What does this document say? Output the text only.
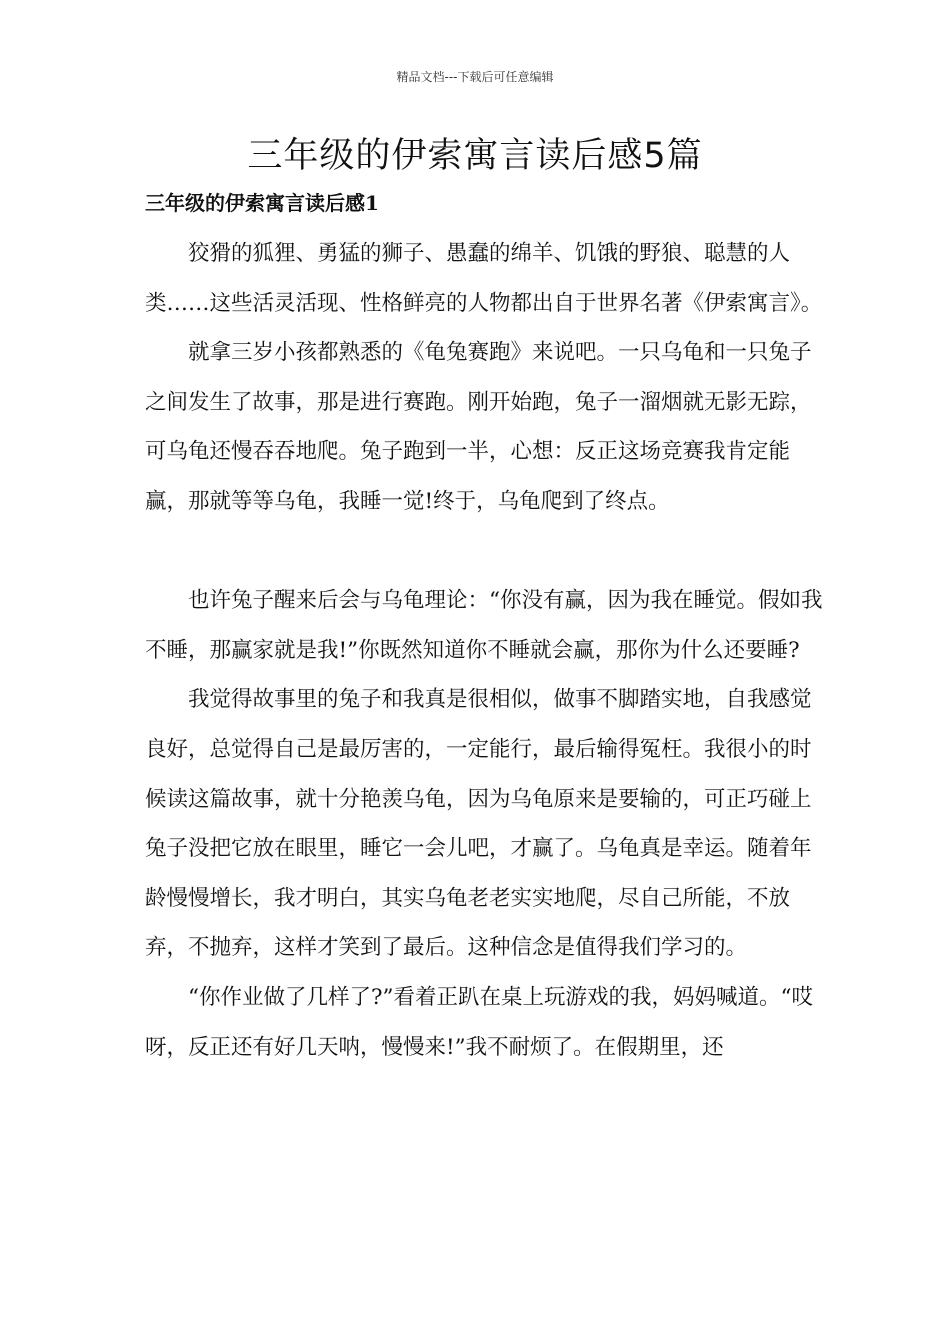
精品文档---下载后可任意编辑
三年级的伊索寓言读后感5篇
三年级的伊索寓言读后感1

狡猾的狐狸、勇猛的狮子、愚蠢的绵羊、饥饿的野狼、聪慧的人类……这些活灵活现、性格鲜亮的人物都出自于世界名著《伊索寓言》。

就拿三岁小孩都熟悉的《龟兔赛跑》来说吧。一只乌龟和一只兔子之间发生了故事，那是进行赛跑。刚开始跑，兔子一溜烟就无影无踪，可乌龟还慢吞吞地爬。兔子跑到一半，心想：反正这场竞赛我肯定能赢，那就等等乌龟，我睡一觉!终于，乌龟爬到了终点。

也许兔子醒来后会与乌龟理论：“你没有赢，因为我在睡觉。假如我不睡，那赢家就是我!”你既然知道你不睡就会赢，那你为什么还要睡?

我觉得故事里的兔子和我真是很相似，做事不脚踏实地，自我感觉良好，总觉得自己是最厉害的，一定能行，最后输得冤枉。我很小的时候读这篇故事，就十分艳羡乌龟，因为乌龟原来是要输的，可正巧碰上兔子没把它放在眼里，睡它一会儿吧，才赢了。乌龟真是幸运。随着年龄慢慢增长，我才明白，其实乌龟老老实实地爬，尽自己所能，不放弃，不抛弃，这样才笑到了最后。这种信念是值得我们学习的。

“你作业做了几样了?”看着正趴在桌上玩游戏的我，妈妈喊道。“哎呀，反正还有好几天呐，慢慢来!”我不耐烦了。在假期里，还
